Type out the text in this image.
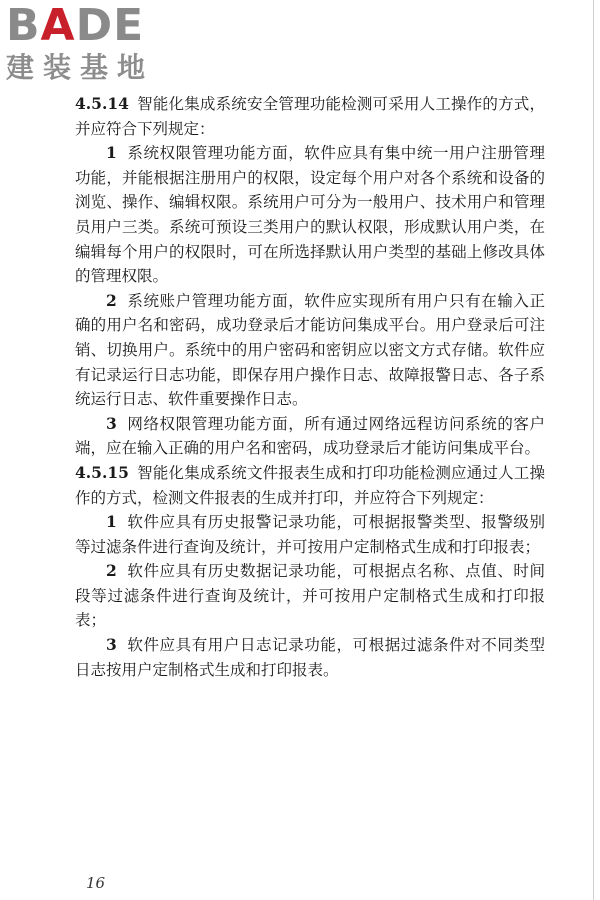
BADE
建装基地

4.5.14 智能化集成系统安全管理功能检测可采用人工操作的方式，并应符合下列规定：

1 系统权限管理功能方面，软件应具有集中统一用户注册管理功能，并能根据注册用户的权限，设定每个用户对各个系统和设备的浏览、操作、编辑权限。系统用户可分为一般用户、技术用户和管理员用户三类。系统可预设三类用户的默认权限，形成默认用户类，在编辑每个用户的权限时，可在所选择默认用户类型的基础上修改具体的管理权限。

2 系统账户管理功能方面，软件应实现所有用户只有在输入正确的用户名和密码，成功登录后才能访问集成平台。用户登录后可注销、切换用户。系统中的用户密码和密钥应以密文方式存储。软件应有记录运行日志功能，即保存用户操作日志、故障报警日志、各子系统运行日志、软件重要操作日志。

3 网络权限管理功能方面，所有通过网络远程访问系统的客户端，应在输入正确的用户名和密码，成功登录后才能访问集成平台。

4.5.15 智能化集成系统文件报表生成和打印功能检测应通过人工操作的方式，检测文件报表的生成并打印，并应符合下列规定：

1 软件应具有历史报警记录功能，可根据报警类型、报警级别等过滤条件进行查询及统计，并可按用户定制格式生成和打印报表；

2 软件应具有历史数据记录功能，可根据点名称、点值、时间段等过滤条件进行查询及统计，并可按用户定制格式生成和打印报表；

3 软件应具有用户日志记录功能，可根据过滤条件对不同类型日志按用户定制格式生成和打印报表。

16
